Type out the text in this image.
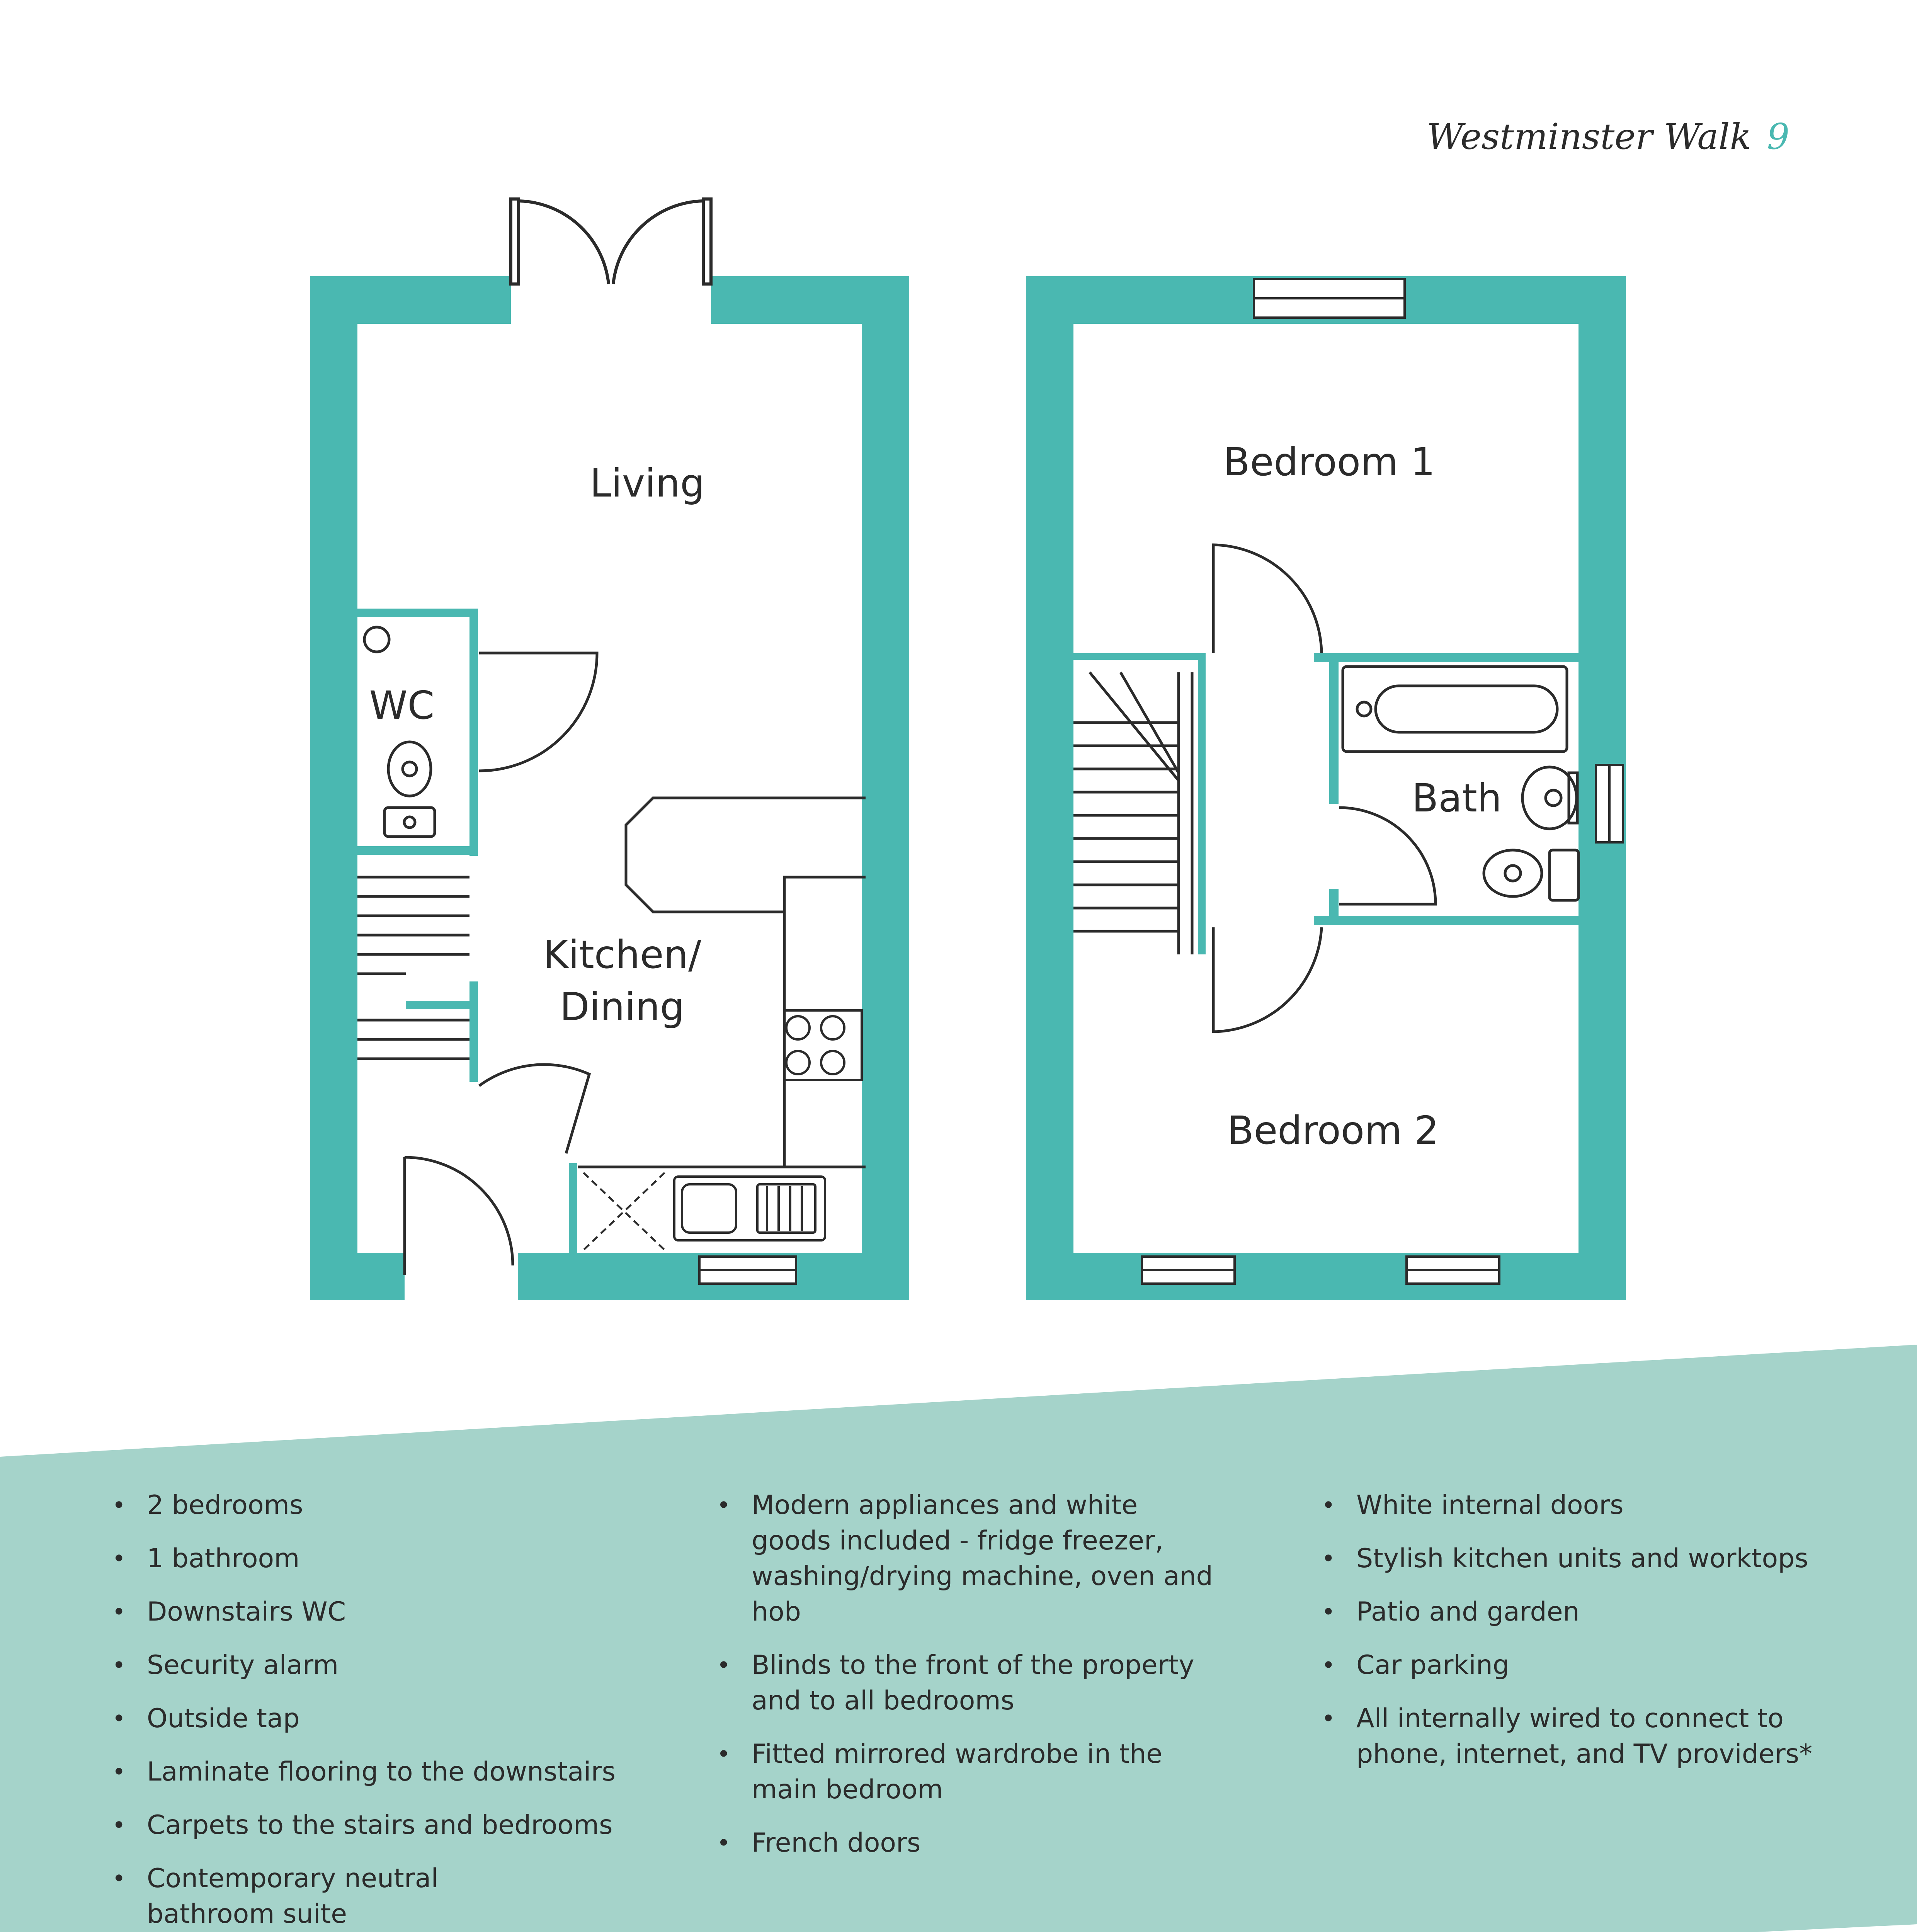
Westminster Walk 9
Living
WC
Kitchen/
Dining
Bedroom 1
Bath
Bedroom 2
• 2 bedrooms
• 1 bathroom
• Downstairs WC
• Security alarm
• Outside tap
• Laminate flooring to the downstairs
• Carpets to the stairs and bedrooms
• Contemporary neutral bathroom suite
• Modern appliances and white goods included - fridge freezer, washing/drying machine, oven and hob
• Blinds to the front of the property and to all bedrooms
• Fitted mirrored wardrobe in the main bedroom
• French doors
• White internal doors
• Stylish kitchen units and worktops
• Patio and garden
• Car parking
• All internally wired to connect to phone, internet, and TV providers*
